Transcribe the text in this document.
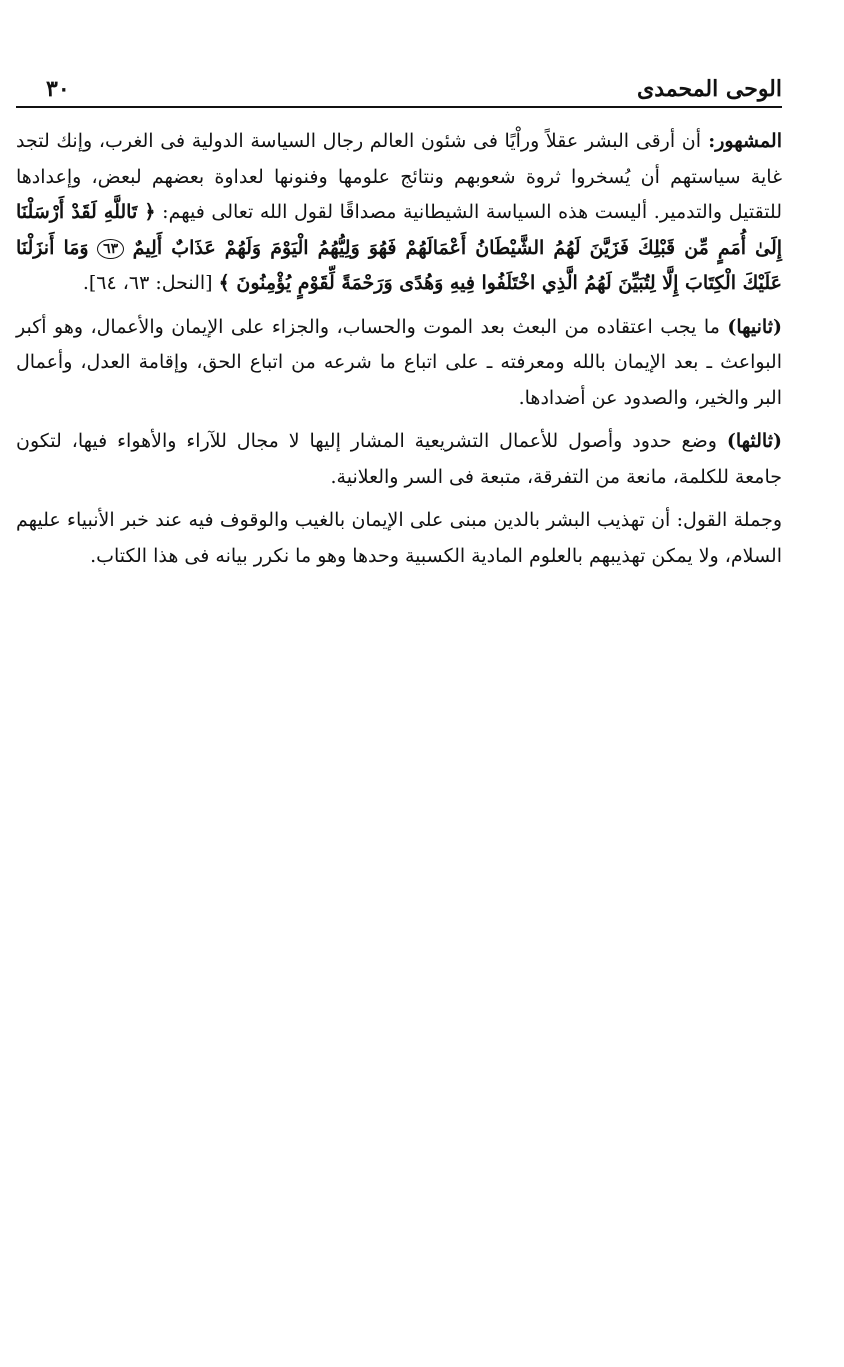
الوحى المحمدى
٣٠

المشهور: أن أرقى البشر عقلاً وراْيًا فى شئون العالم رجال السياسة الدولية فى الغرب، وإنك لتجد غاية سياستهم أن يُسخروا ثروة شعوبهم ونتائج علومها وفنونها لعداوة بعضهم لبعض، وإعدادها للتقتيل والتدمير. أليست هذه السياسة الشيطانية مصداقًا لقول الله تعالى فيهم: ﴿ تَاللَّهِ لَقَدْ أَرْسَلْنَا إِلَىٰ أُمَمٍ مِّن قَبْلِكَ فَزَيَّنَ لَهُمُ الشَّيْطَانُ أَعْمَالَهُمْ فَهُوَ وَلِيُّهُمُ الْيَوْمَ وَلَهُمْ عَذَابٌ أَلِيمٌ ٦٣ وَمَا أَنزَلْنَا عَلَيْكَ الْكِتَابَ إِلَّا لِتُبَيِّنَ لَهُمُ الَّذِي اخْتَلَفُوا فِيهِ وَهُدًى وَرَحْمَةً لِّقَوْمٍ يُؤْمِنُونَ ﴾ [النحل: ٦٣، ٦٤].

(ثانيها) ما يجب اعتقاده من البعث بعد الموت والحساب، والجزاء على الإيمان والأعمال، وهو أكبر البواعث ـ بعد الإيمان بالله ومعرفته ـ على اتباع ما شرعه من اتباع الحق، وإقامة العدل، وأعمال البر والخير، والصدود عن أضدادها.

(ثالثها) وضع حدود وأصول للأعمال التشريعية المشار إليها لا مجال للآراء والأهواء فيها، لتكون جامعة للكلمة، مانعة من التفرقة، متبعة فى السر والعلانية.

وجملة القول: أن تهذيب البشر بالدين مبنى على الإيمان بالغيب والوقوف فيه عند خبر الأنبياء عليهم السلام، ولا يمكن تهذيبهم بالعلوم المادية الكسبية وحدها وهو ما نكرر بيانه فى هذا الكتاب.
